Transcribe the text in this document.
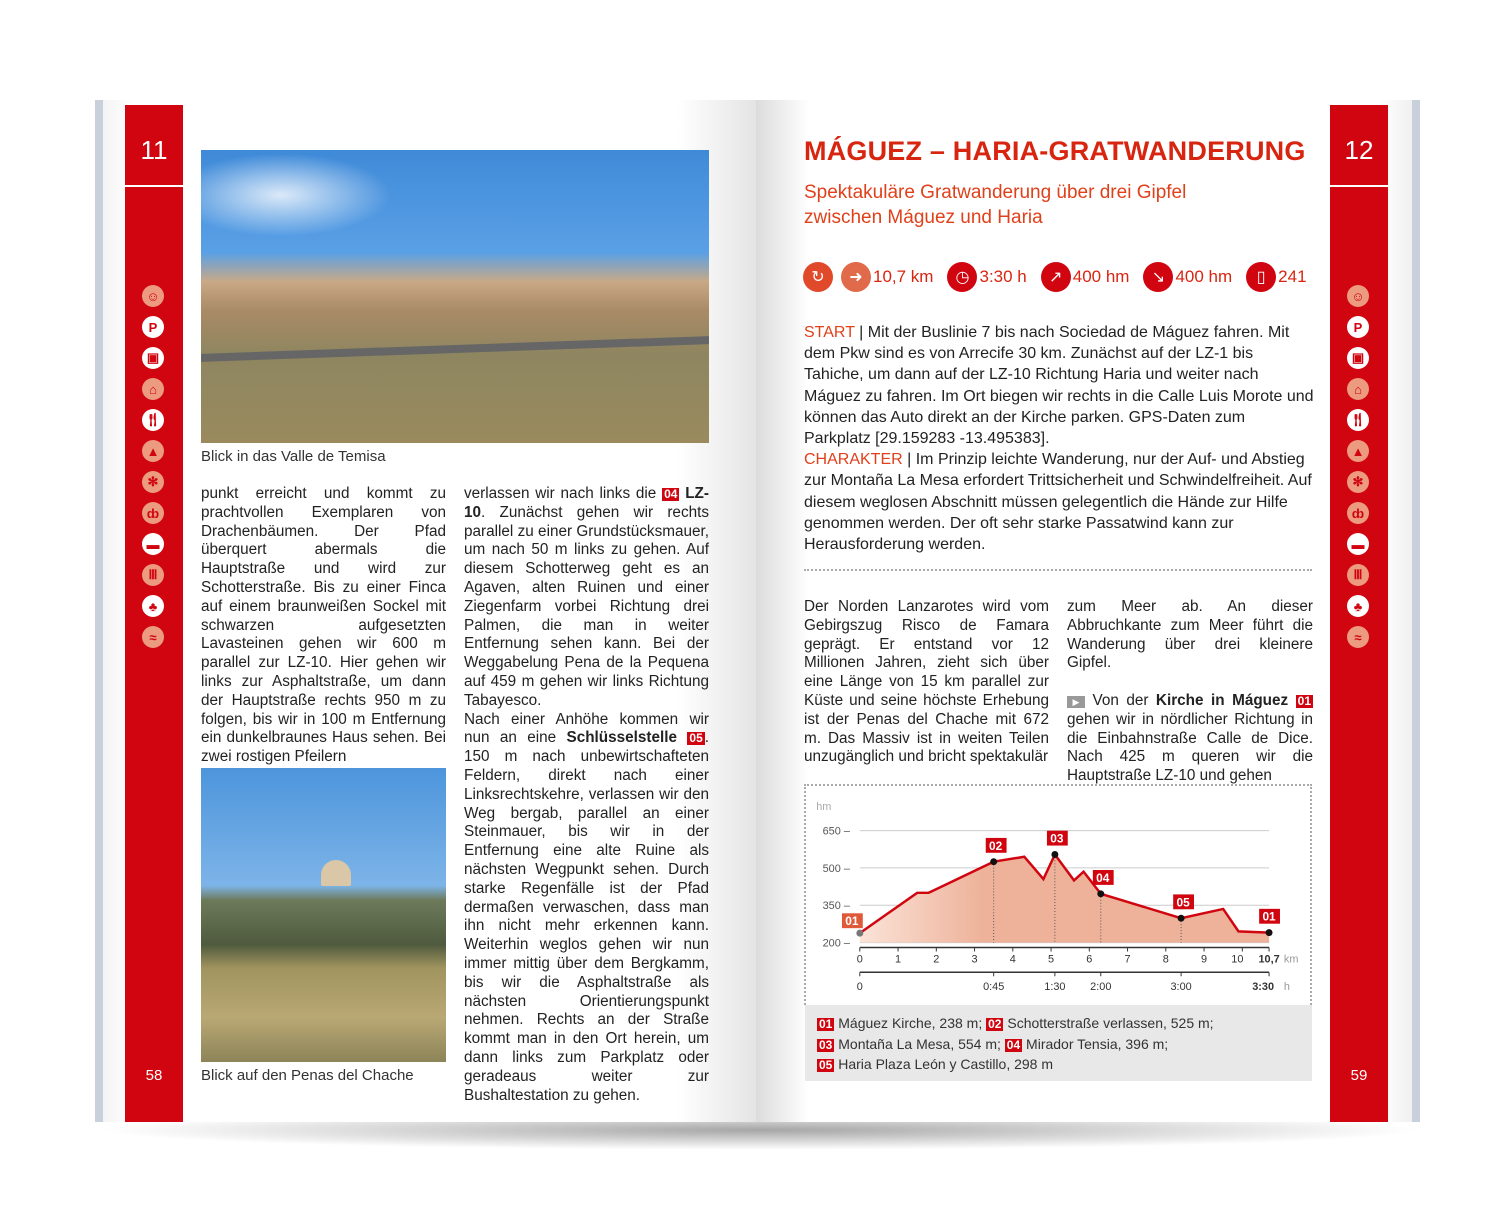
11
☺
P
▣
⌂
🍴︎
▲
✻
ȸ
▬
Ⅲ
♣
≈
58
Blick in das Valle de Temisa
punkt erreicht und kommt zu prachtvollen Exemplaren von Drachenbäumen. Der Pfad überquert abermals die Hauptstraße und wird zur Schotterstraße. Bis zu einer Finca auf einem braunweißen Sockel mit schwarzen aufgesetzten Lavasteinen gehen wir 600 m parallel zur LZ-10. Hier gehen wir links zur Asphaltstraße, um dann der Hauptstraße rechts 950 m zu folgen, bis wir in 100 m Entfernung ein dunkelbraunes Haus sehen. Bei zwei rostigen Pfeilern
Blick auf den Penas del Chache
verlassen wir nach links die 04 LZ-10. Zunächst gehen wir rechts parallel zu einer Grundstücksmauer, um nach 50 m links zu gehen. Auf diesem Schotterweg geht es an Agaven, alten Ruinen und einer Ziegenfarm vorbei Richtung drei Palmen, die man in weiter Entfernung sehen kann. Bei der Weggabelung Pena de la Pequena auf 459 m gehen wir links Richtung Tabayesco.
Nach einer Anhöhe kommen wir nun an eine Schlüsselstelle 05 . 150 m nach unbewirtschafteten Feldern, direkt nach einer Linksrechtskehre, verlassen wir den Weg bergab, parallel an einer Steinmauer, bis wir in der Entfernung eine alte Ruine als nächsten Wegpunkt sehen. Durch starke Regenfälle ist der Pfad dermaßen verwaschen, dass man ihn nicht mehr erkennen kann. Weiterhin weglos gehen wir nun immer mittig über dem Bergkamm, bis wir die Asphaltstraße als nächsten Orientierungspunkt nehmen. Rechts an der Straße kommt man in den Ort herein, um dann links zum Parkplatz oder geradeaus weiter zur Bushaltestation zu gehen.
12
☺
P
▣
⌂
🍴︎
▲
✻
ȸ
▬
Ⅲ
♣
≈
59
MÁGUEZ – HARIA-GRATWANDERUNG
Spektakuläre Gratwanderung über drei Gipfel
zwischen Máguez und Haria
↻	➜ 10,7 km	◷ 3:30 h	↗ 400 hm	↘ 400 hm	▯ 241
START | Mit der Buslinie 7 bis nach Sociedad de Máguez fahren. Mit dem Pkw sind es von Arrecife 30 km. Zunächst auf der LZ-1 bis Tahiche, um dann auf der LZ-10 Richtung Haria und weiter nach Máguez zu fahren. Im Ort biegen wir rechts in die Calle Luis Morote und können das Auto direkt an der Kirche parken. GPS-Daten zum Parkplatz [29.159283 -13.495383].
CHARAKTER | Im Prinzip leichte Wanderung, nur der Auf- und Abstieg zur Montaña La Mesa erfordert Trittsicherheit und Schwindelfreiheit. Auf diesem weglosen Abschnitt müssen gelegentlich die Hände zur Hilfe genommen werden. Der oft sehr starke Passatwind kann zur Herausforderung werden.
Der Norden Lanzarotes wird vom Gebirgszug Risco de Famara geprägt. Er entstand vor 12 Millionen Jahren, zieht sich über eine Länge von 15 km parallel zur Küste und seine höchste Erhebung ist der Penas del Chache mit 672 m. Das Massiv ist in weiten Teilen unzugänglich und bricht spektakulär
zum Meer ab. An dieser Abbruchkante zum Meer führt die Wanderung über drei kleinere Gipfel.

▶ Von der Kirche in Máguez 01 gehen wir in nördlicher Richtung in die Einbahnstraße Calle de Dice. Nach 425 m queren wir die Hauptstraße LZ-10 und gehen
hm
200 –
350 –
500 –
650 –
01
02
03
04
05
01
0	1	2	3	4	5	6	7	8	9 10 10,7 km
0	0:45	1:30 2:00	3:00	3:30 h
01 Máguez Kirche, 238 m; 02 Schotterstraße verlassen, 525 m;
03 Montaña La Mesa, 554 m; 04 Mirador Tensia, 396 m;
05 Haria Plaza León y Castillo, 298 m
